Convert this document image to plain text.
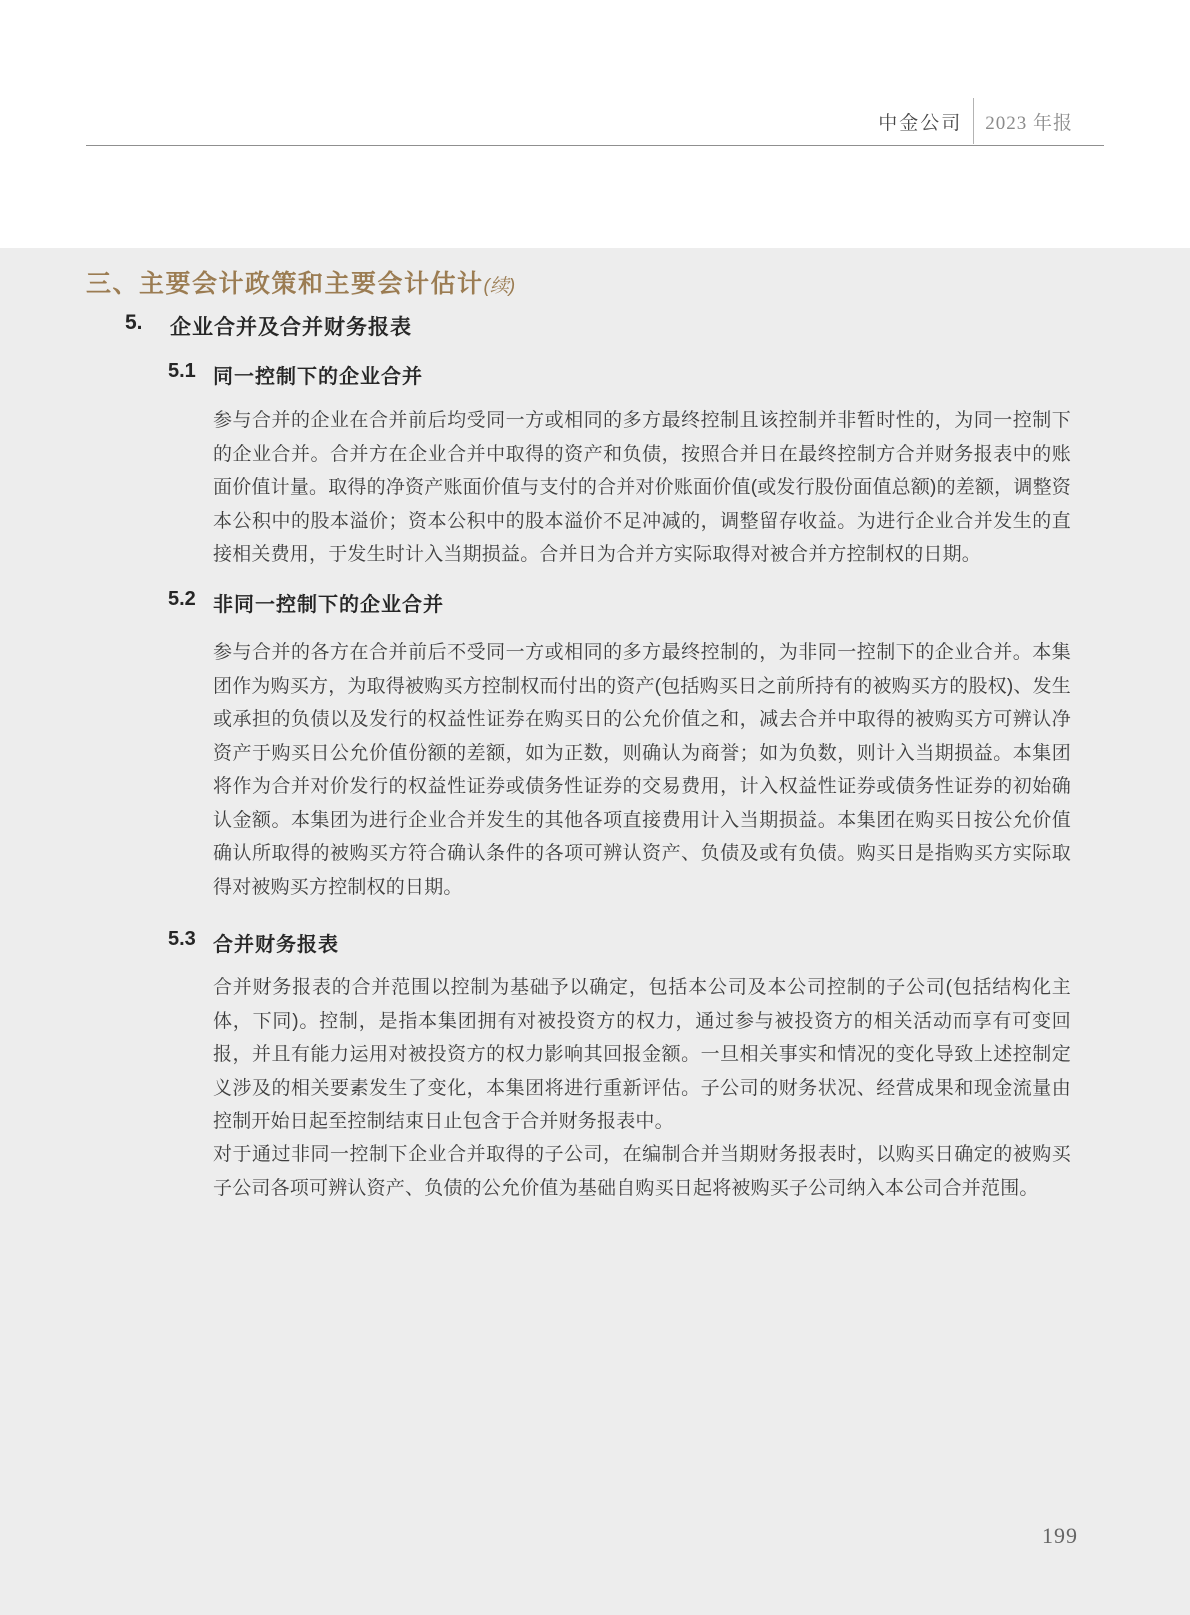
中金公司 2023 年报
三、主要会计政策和主要会计估计(续)
5.	企业合并及合并财务报表
5.1 同一控制下的企业合并
参与合并的企业在合并前后均受同一方或相同的多方最终控制且该控制并非暂时性的，为同一控制下的企业合并。合并方在企业合并中取得的资产和负债，按照合并日在最终控制方合并财务报表中的账面价值计量。取得的净资产账面价值与支付的合并对价账面价值(或发行股份面值总额)的差额，调整资本公积中的股本溢价；资本公积中的股本溢价不足冲减的，调整留存收益。为进行企业合并发生的直接相关费用，于发生时计入当期损益。合并日为合并方实际取得对被合并方控制权的日期。
5.2 非同一控制下的企业合并
参与合并的各方在合并前后不受同一方或相同的多方最终控制的，为非同一控制下的企业合并。本集团作为购买方，为取得被购买方控制权而付出的资产(包括购买日之前所持有的被购买方的股权)、发生或承担的负债以及发行的权益性证券在购买日的公允价值之和，减去合并中取得的被购买方可辨认净资产于购买日公允价值份额的差额，如为正数，则确认为商誉；如为负数，则计入当期损益。本集团将作为合并对价发行的权益性证券或债务性证券的交易费用，计入权益性证券或债务性证券的初始确认金额。本集团为进行企业合并发生的其他各项直接费用计入当期损益。本集团在购买日按公允价值确认所取得的被购买方符合确认条件的各项可辨认资产、负债及或有负债。购买日是指购买方实际取得对被购买方控制权的日期。
5.3 合并财务报表
合并财务报表的合并范围以控制为基础予以确定，包括本公司及本公司控制的子公司(包括结构化主体，下同)。控制，是指本集团拥有对被投资方的权力，通过参与被投资方的相关活动而享有可变回报，并且有能力运用对被投资方的权力影响其回报金额。一旦相关事实和情况的变化导致上述控制定义涉及的相关要素发生了变化，本集团将进行重新评估。子公司的财务状况、经营成果和现金流量由控制开始日起至控制结束日止包含于合并财务报表中。
对于通过非同一控制下企业合并取得的子公司，在编制合并当期财务报表时，以购买日确定的被购买子公司各项可辨认资产、负债的公允价值为基础自购买日起将被购买子公司纳入本公司合并范围。
199
